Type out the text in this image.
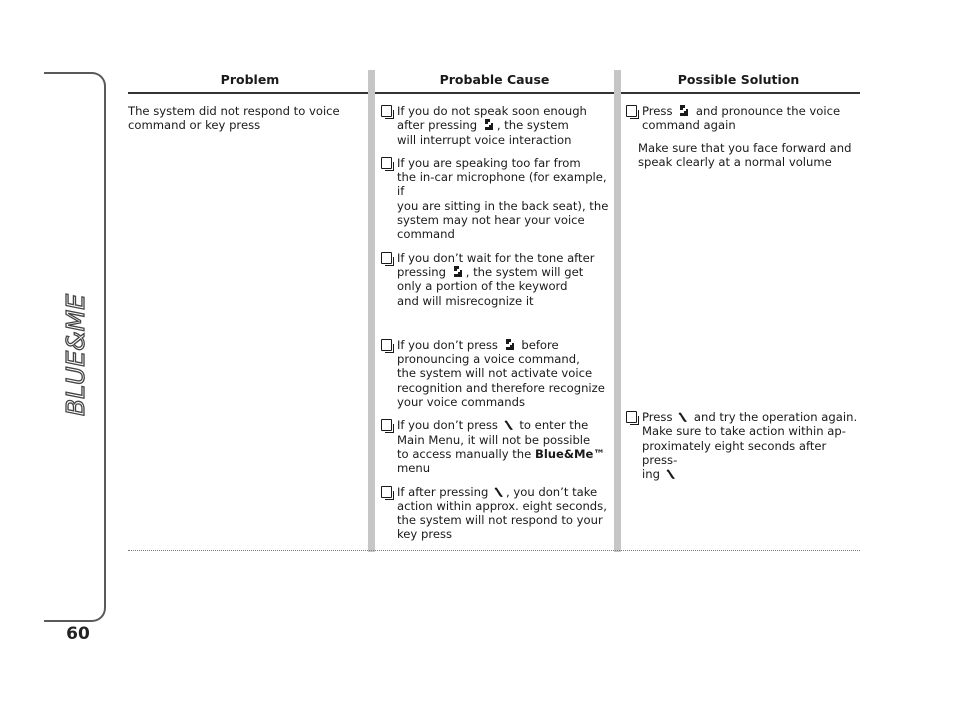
BLUE&ME
60
Problem	Probable Cause	Possible Solution

The system did not respond to voice command or key press

If you do not speak soon enough
after pressing , the system
will interrupt voice interaction
If you are speaking too far from
the in-car microphone (for example, if
you are sitting in the back seat), the
system may not hear your voice
command
If you don’t wait for the tone after
pressing , the system will get
only a portion of the keyword
and will misrecognize it
If you don’t press  before
pronouncing a voice command,
the system will not activate voice
recognition and therefore recognize
your voice commands
If you don’t press  to enter the
Main Menu, it will not be possible
to access manually the Blue&Me™
menu
If after pressing , you don’t take
action within approx. eight seconds,
the system will not respond to your
key press
Press  and pronounce the voice
command again
Make sure that you face forward and
speak clearly at a normal volume
Press  and try the operation again.
Make sure to take action within ap-
proximately eight seconds after press-
ing
